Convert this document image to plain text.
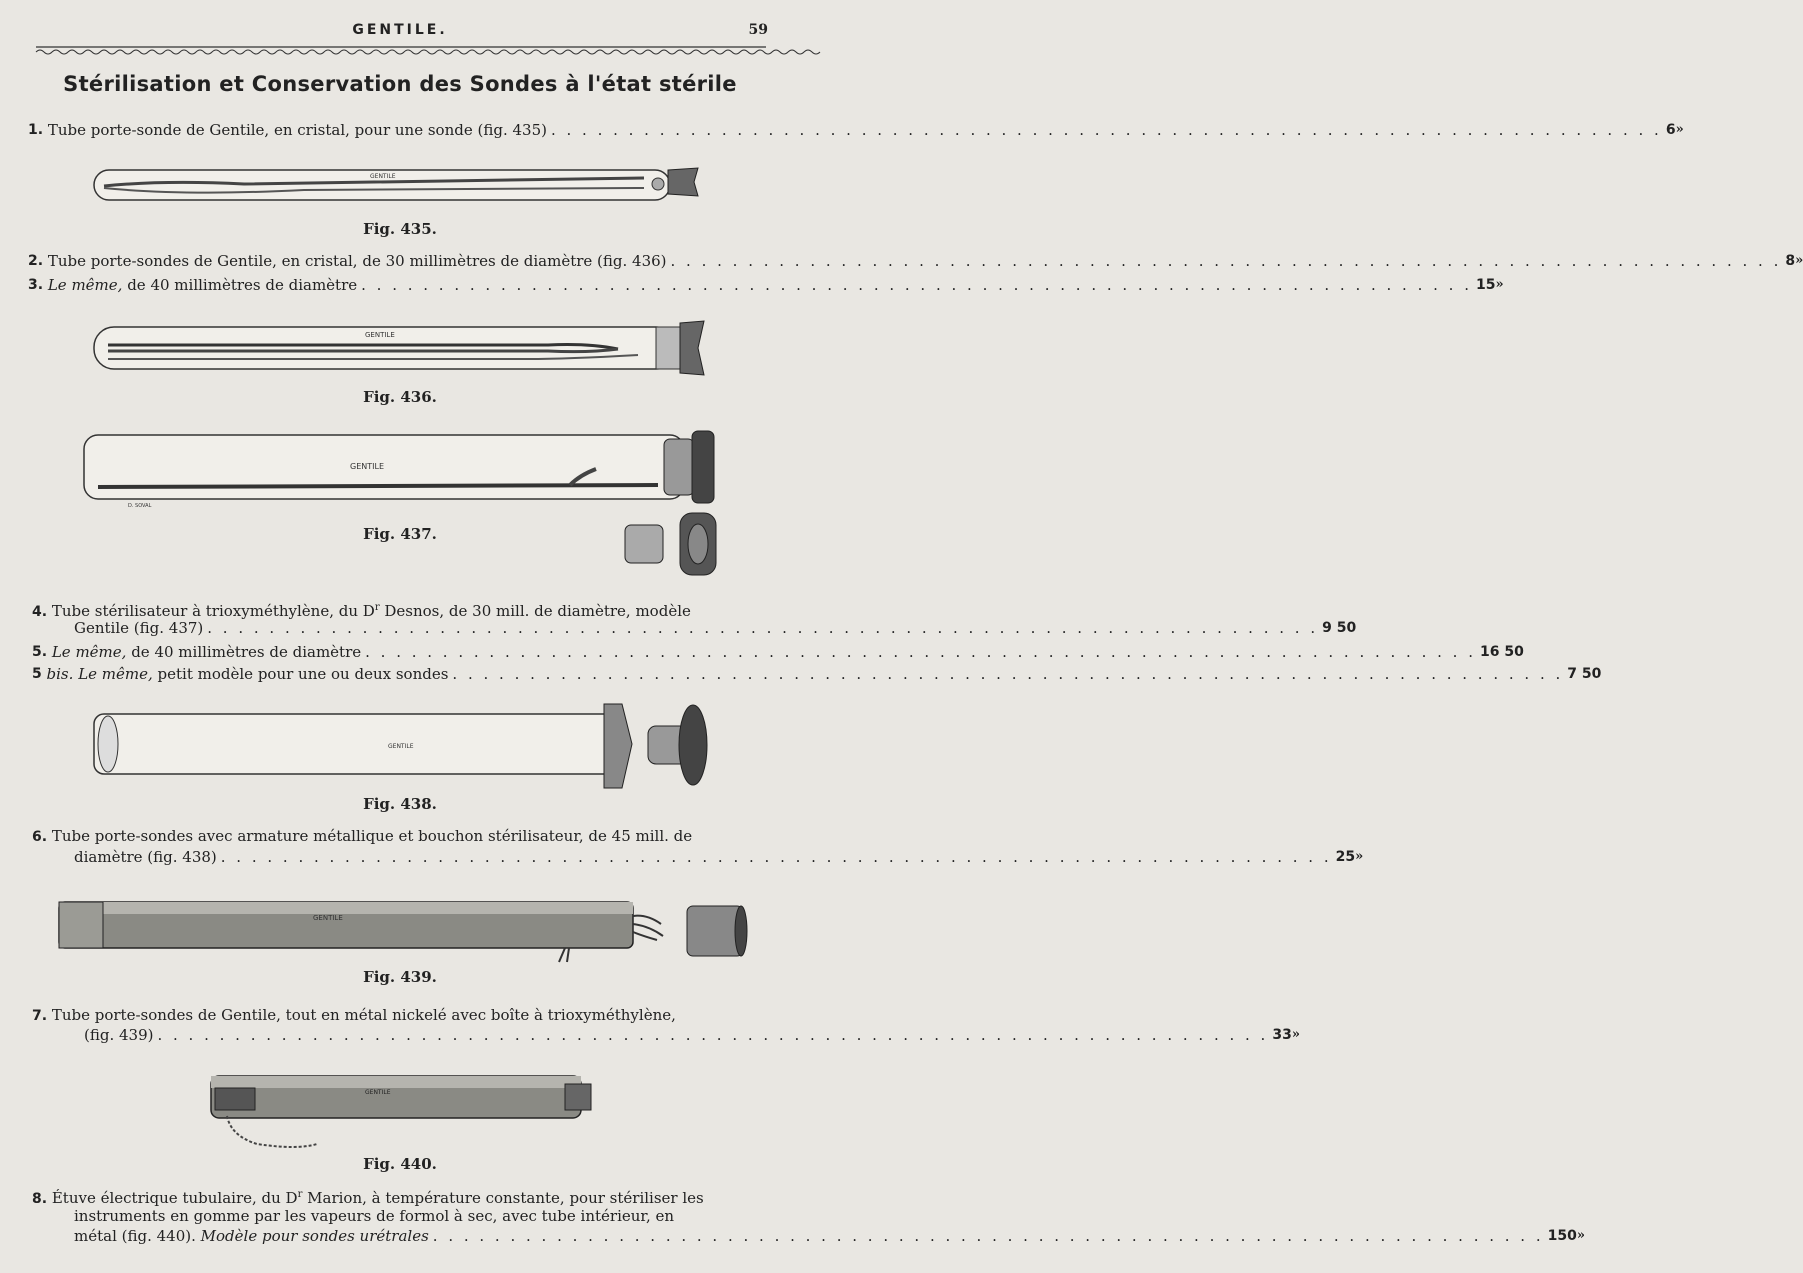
GENTILE.	59
Stérilisation et Conservation des Sondes à l'état stérile
1.
Tube porte-sonde de Gentile, en cristal, pour une sonde (fig. 435) . . . . . . . . . . . . . . . . . . . . . . . . . . . . . . . . . . . . . . . . . . . . . . . . . . . . . . . . . . . . . . . . . . . . . . . . 6 »
GENTILE
Fig. 435.
2.
Tube porte-sondes de Gentile, en cristal, de 30 millimètres de diamètre (fig. 436) . . . . . . . . . . . . . . . . . . . . . . . . . . . . . . . . . . . . . . . . . . . . . . . . . . . . . . . . . . . . . . . . . . . . . . . . 8 »
3.
Le même,
de 40 millimètres de diamètre . . . . . . . . . . . . . . . . . . . . . . . . . . . . . . . . . . . . . . . . . . . . . . . . . . . . . . . . . . . . . . . . . . . . . . . . 15 »
GENTILE
Fig. 436.
GENTILE
D. SOVAL
Fig. 437.
4. Tube stérilisateur à trioxyméthylène, du $D^r$ Desnos, de 30 mill. de diamètre, modèle
Gentile (fig. 437) . . . . . . . . . . . . . . . . . . . . . . . . . . . . . . . . . . . . . . . . . . . . . . . . . . . . . . . . . . . . . . . . . . . . . . . . 9 50
5.
Le même,
de 40 millimètres de diamètre . . . . . . . . . . . . . . . . . . . . . . . . . . . . . . . . . . . . . . . . . . . . . . . . . . . . . . . . . . . . . . . . . . . . . . . . 16 50
5
bis.
Le même,
petit modèle pour une ou deux sondes . . . . . . . . . . . . . . . . . . . . . . . . . . . . . . . . . . . . . . . . . . . . . . . . . . . . . . . . . . . . . . . . . . . . . . . . 7 50
GENTILE
Fig. 438.
6. Tube porte-sondes avec armature métallique et bouchon stérilisateur, de 45 mill. de
diamètre (fig. 438) . . . . . . . . . . . . . . . . . . . . . . . . . . . . . . . . . . . . . . . . . . . . . . . . . . . . . . . . . . . . . . . . . . . . . . . . 25 »
GENTILE
Fig. 439.
7. Tube porte-sondes de Gentile, tout en métal nickelé avec boîte à trioxyméthylène,
(fig. 439) . . . . . . . . . . . . . . . . . . . . . . . . . . . . . . . . . . . . . . . . . . . . . . . . . . . . . . . . . . . . . . . . . . . . . . . . 33 »
GENTILE
Fig. 440.
8. Étuve électrique tubulaire, du $D^r$ Marion, à température constante, pour stériliser les
instruments en gomme par les vapeurs de formol à sec, avec tube intérieur, en
métal (fig. 440).
Modèle pour sondes urétrales . . . . . . . . . . . . . . . . . . . . . . . . . . . . . . . . . . . . . . . . . . . . . . . . . . . . . . . . . . . . . . . . . . . . . . . . 150 »
